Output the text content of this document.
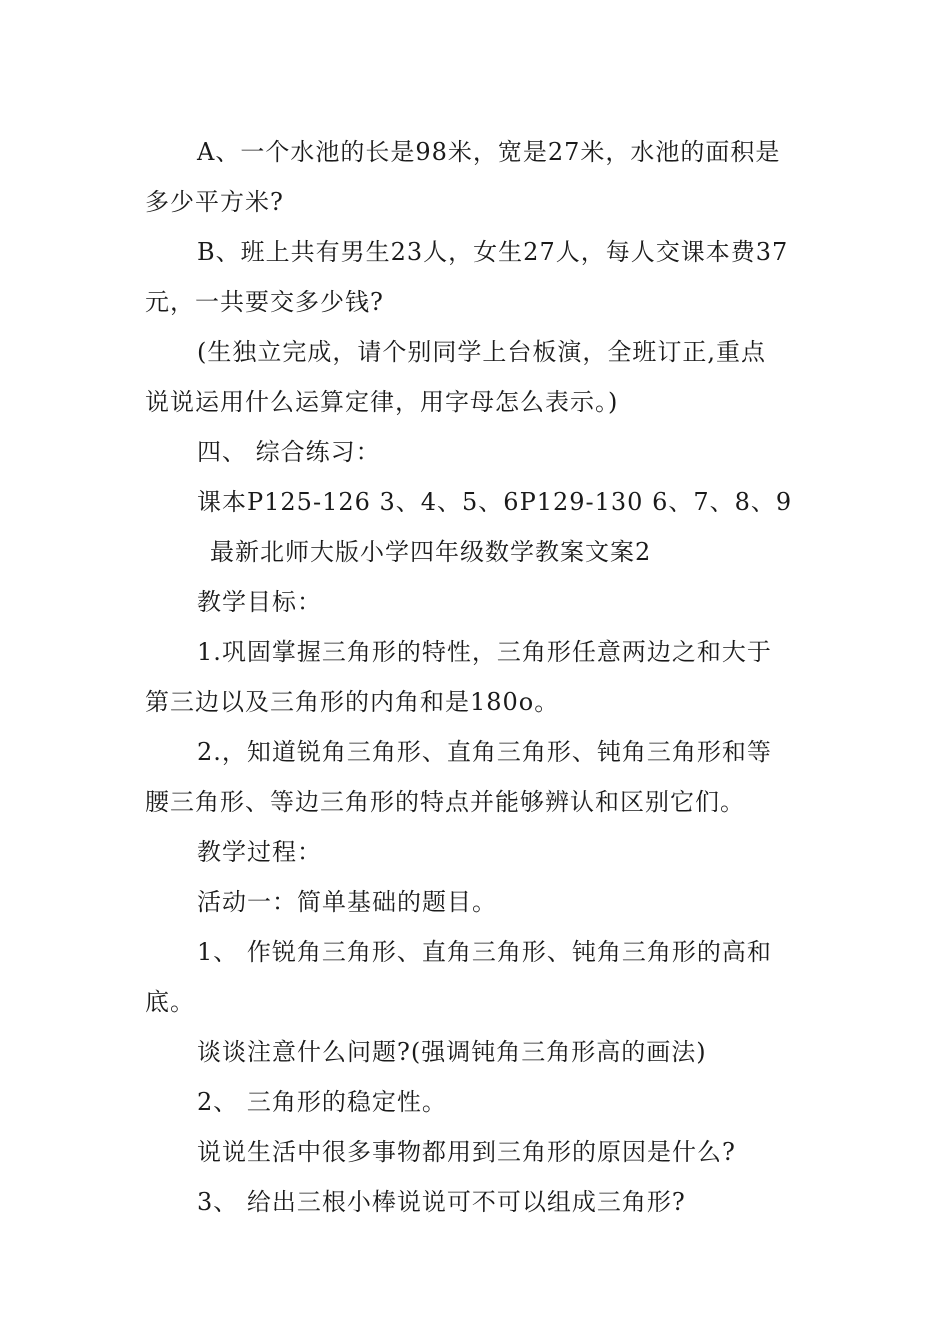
A、一个水池的长是98米，宽是27米，水池的面积是
多少平方米?
B、班上共有男生23人，女生27人，每人交课本费37
元，一共要交多少钱?
(生独立完成，请个别同学上台板演，全班订正,重点
说说运用什么运算定律，用字母怎么表示。)
四、 综合练习：
课本P125-126 3、4、5、6P129-130 6、7、8、9
最新北师大版小学四年级数学教案文案2
教学目标：
1.巩固掌握三角形的特性，三角形任意两边之和大于
第三边以及三角形的内角和是180o。
2.，知道锐角三角形、直角三角形、钝角三角形和等
腰三角形、等边三角形的特点并能够辨认和区别它们。
教学过程：
活动一：简单基础的题目。
1、 作锐角三角形、直角三角形、钝角三角形的高和
底。
谈谈注意什么问题?(强调钝角三角形高的画法)
2、 三角形的稳定性。
说说生活中很多事物都用到三角形的原因是什么?
3、 给出三根小棒说说可不可以组成三角形?
